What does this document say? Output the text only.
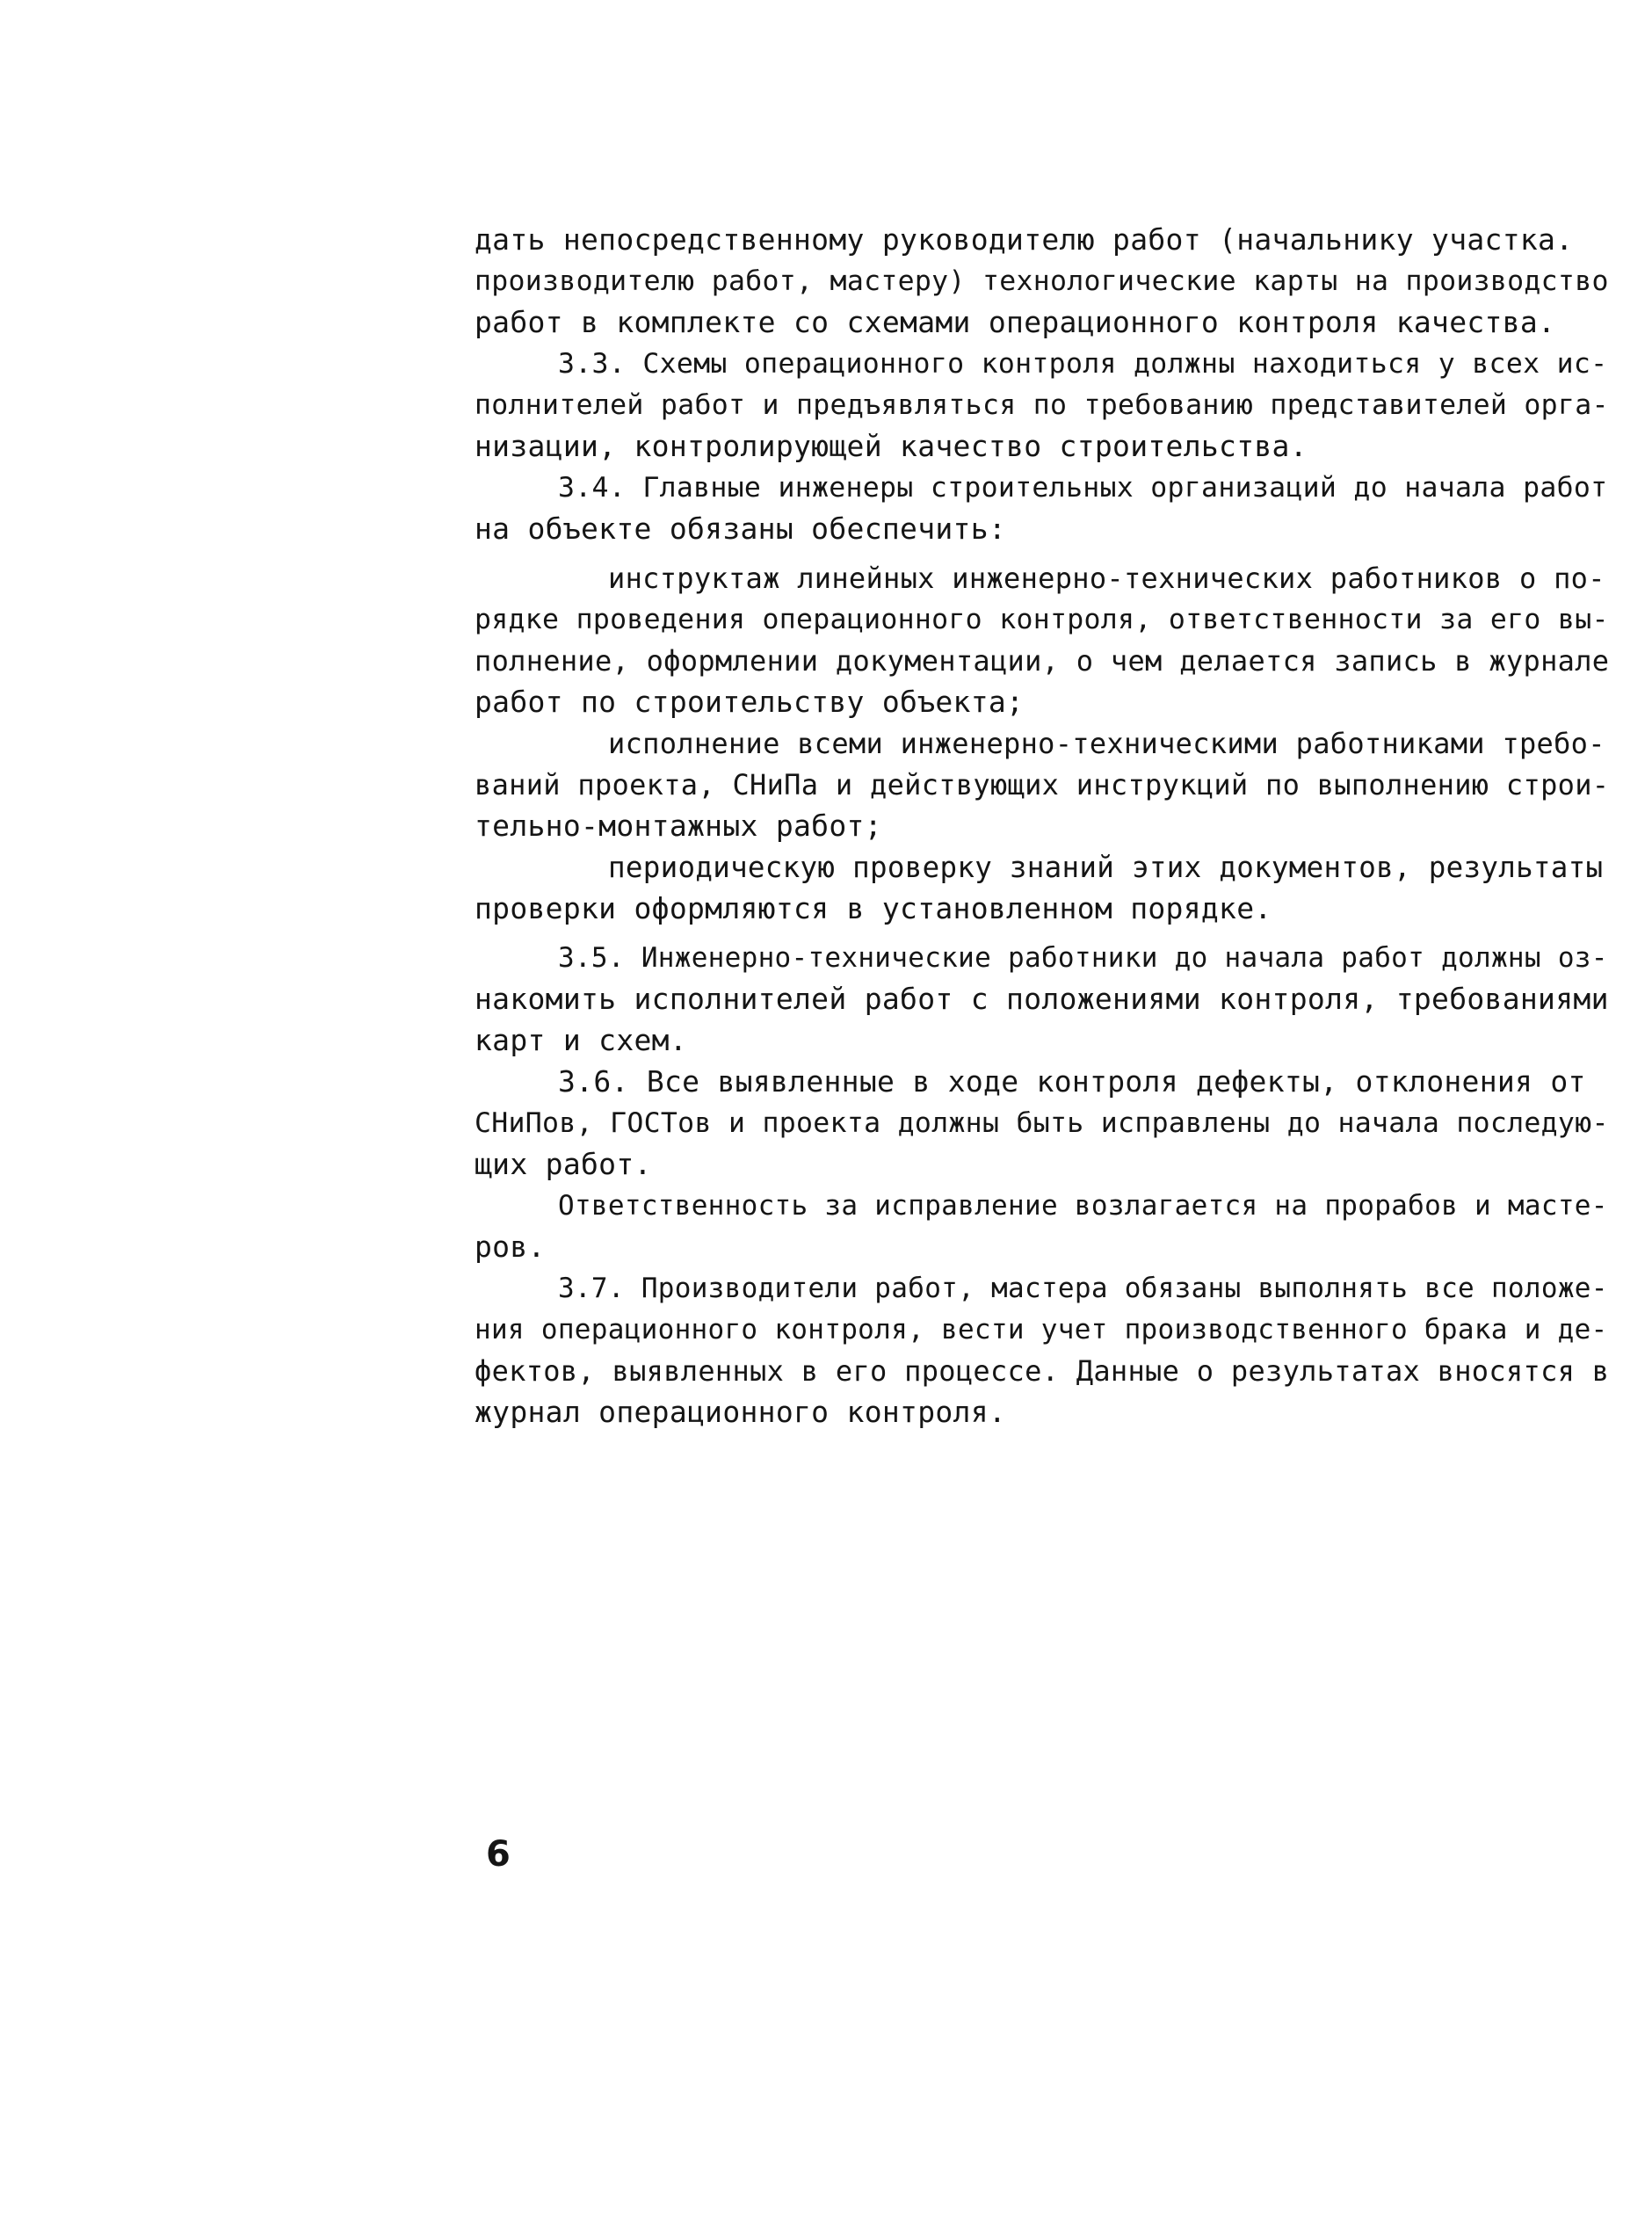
дать непосредственному руководителю работ (начальнику участка.
производителю работ, мастеру) технологические карты на производство
работ в комплекте со схемами операционного контроля качества.
3.3. Схемы операционного контроля должны находиться у всех ис-
полнителей работ и предъявляться по требованию представителей орга-
низации, контролирующей качество строительства.
3.4. Главные инженеры строительных организаций до начала работ
на объекте обязаны обеспечить:
инструктаж линейных инженерно-технических работников о по-
рядке проведения операционного контроля, ответственности за его вы-
полнение, оформлении документации, о чем делается запись в журнале
работ по строительству объекта;
исполнение всеми инженерно-техническими работниками требо-
ваний проекта, СНиПа и действующих инструкций по выполнению строи-
тельно-монтажных работ;
периодическую проверку знаний этих документов, результаты
проверки оформляются в установленном порядке.
3.5. Инженерно-технические работники до начала работ должны оз-
накомить исполнителей работ с положениями контроля, требованиями
карт и схем.
3.6. Все выявленные в ходе контроля дефекты, отклонения от
СНиПов, ГОСТов и проекта должны быть исправлены до начала последую-
щих работ.
Ответственность за исправление возлагается на прорабов и масте-
ров.
3.7. Производители работ, мастера обязаны выполнять все положе-
ния операционного контроля, вести учет производственного брака и де-
фектов, выявленных в его процессе. Данные о результатах вносятся в
журнал операционного контроля.
6
